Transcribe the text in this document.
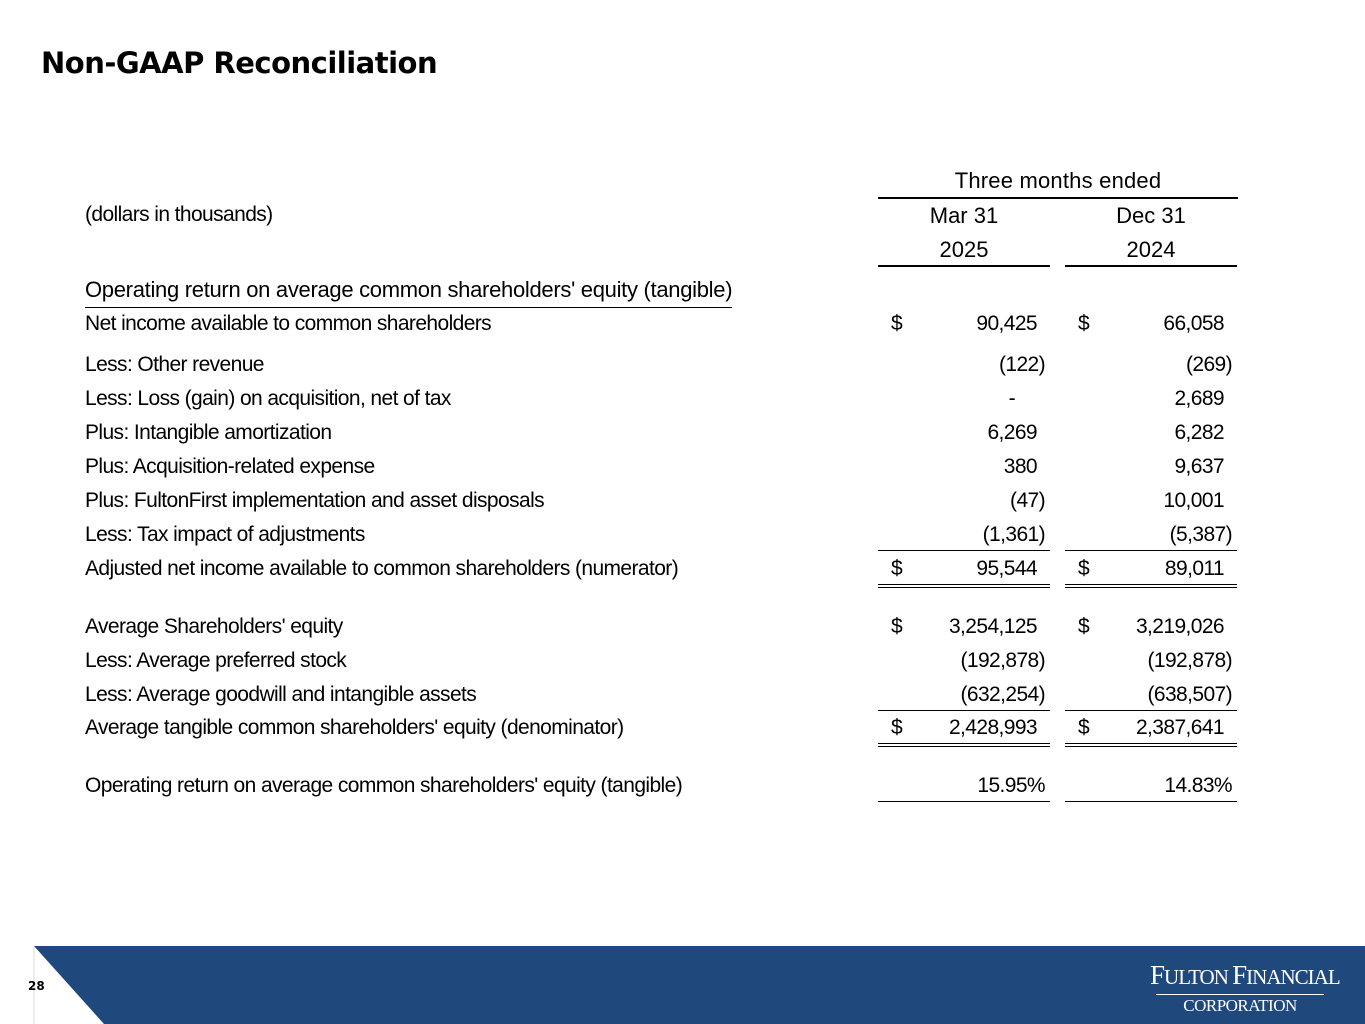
Non-GAAP Reconciliation
Three months ended
(dollars in thousands)	Mar 31	Dec 31
2025	2024
Operating return on average common shareholders' equity (tangible)
Net income available to common shareholders	$	90,425 $	66,058
Less: Other revenue	(122)	(269)
Less: Loss (gain) on acquisition, net of tax	-	2,689
Plus: Intangible amortization	6,269	6,282
Plus: Acquisition-related expense	380	9,637
Plus: FultonFirst implementation and asset disposals	(47)	10,001
Less: Tax impact of adjustments	(1,361)	(5,387)
Adjusted net income available to common shareholders (numerator)	$	95,544 $	89,011
Average Shareholders' equity	$ 3,254,125 $ 3,219,026
Less: Average preferred stock	(192,878)	(192,878)
Less: Average goodwill and intangible assets	(632,254)	(638,507)
Average tangible common shareholders' equity (denominator)	$ 2,428,993 $ 2,387,641
Operating return on average common shareholders' equity (tangible)	15.95%	14.83%
28	FULTON FINANCIAL
CORPORATION
